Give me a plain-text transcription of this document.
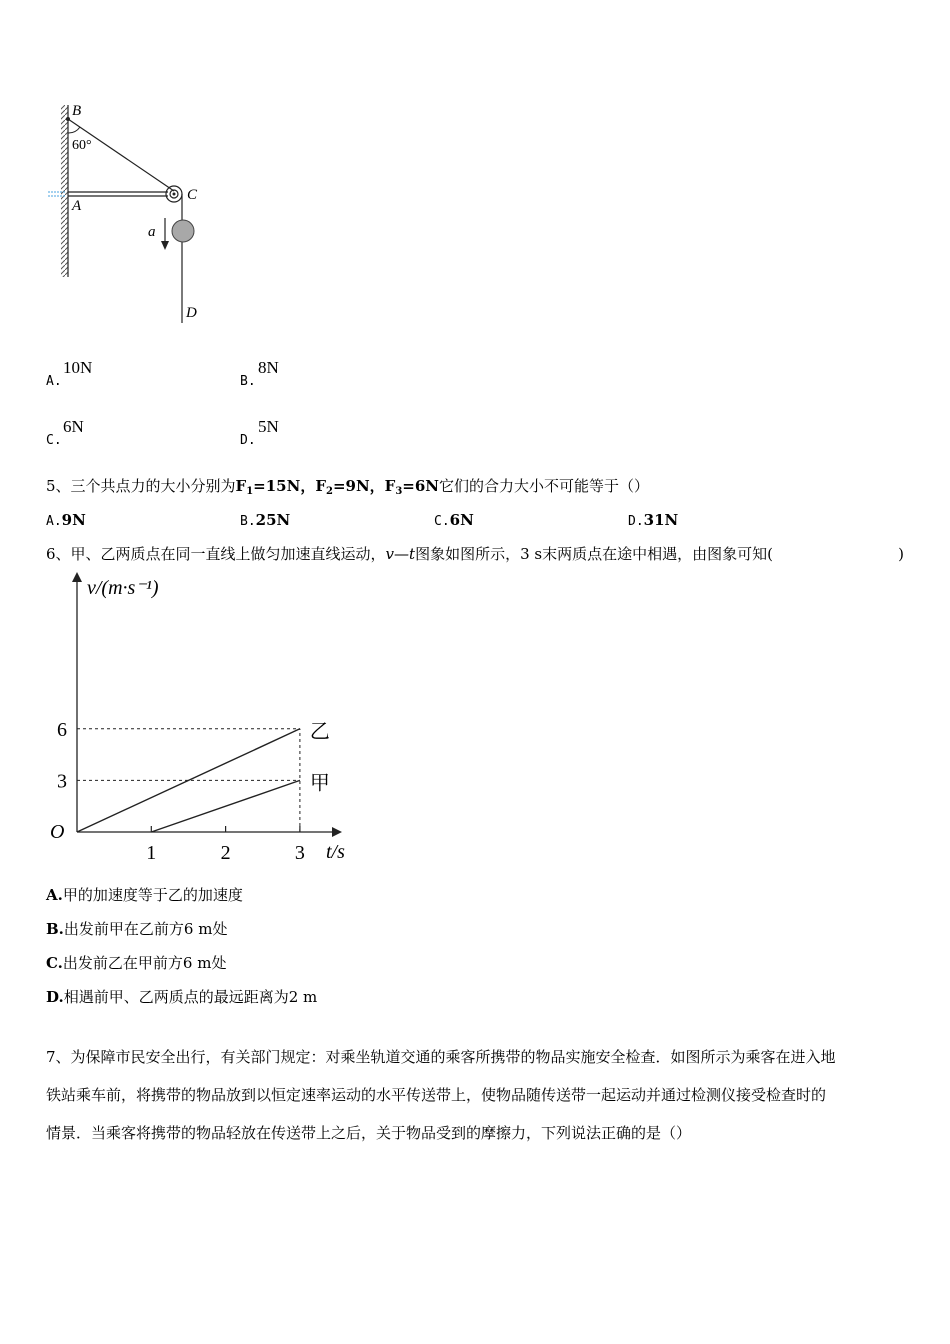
B
60°
C
A
a
D
A.
10N
B.
8N
C.
6N
D.
5N
5、三个共点力的大小分别为$F_1=15N$，$F_2=9N$，$F_3=6N$它们的合力大小不可能等于（）
A.9N	B.25N	C.6N	D.31N
6、甲、乙两质点在同一直线上做匀加速直线运动，v—t图象如图所示，3 s末两质点在途中相遇，由图象可知(	)
v/(m·s⁻¹)
t/s
O
1	2	3
3
6	乙
甲
A.甲的加速度等于乙的加速度
B.出发前甲在乙前方6 m处
C.出发前乙在甲前方6 m处
D.相遇前甲、乙两质点的最远距离为2 m
7、为保障市民安全出行，有关部门规定：对乘坐轨道交通的乘客所携带的物品实施安全检查．如图所示为乘客在进入地
铁站乘车前，将携带的物品放到以恒定速率运动的水平传送带上，使物品随传送带一起运动并通过检测仪接受检查时的
情景．当乘客将携带的物品轻放在传送带上之后，关于物品受到的摩擦力，下列说法正确的是（）
